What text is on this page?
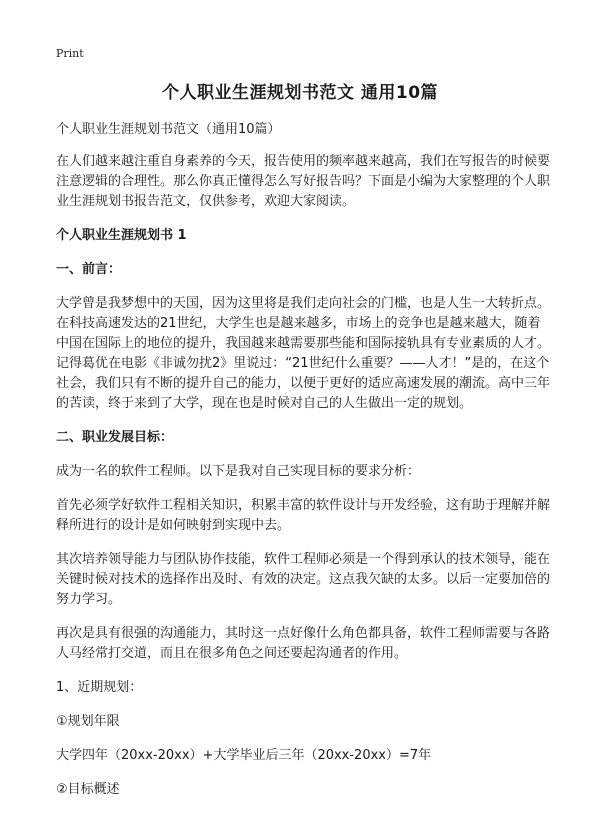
Print
个人职业生涯规划书范文 通用10篇

个人职业生涯规划书范文（通用10篇）

在人们越来越注重自身素养的今天，报告使用的频率越来越高，我们在写报告的时候要注意逻辑的合理性。那么你真正懂得怎么写好报告吗？下面是小编为大家整理的个人职业生涯规划书报告范文，仅供参考，欢迎大家阅读。

个人职业生涯规划书 1

一、前言：

大学曾是我梦想中的天国，因为这里将是我们走向社会的门槛，也是人生一大转折点。在科技高速发达的21世纪，大学生也是越来越多，市场上的竞争也是越来越大，随着中国在国际上的地位的提升，我国越来越需要那些能和国际接轨具有专业素质的人才。记得葛优在电影《非诚勿扰2》里说过：“21世纪什么重要？——人才！”是的，在这个社会，我们只有不断的提升自己的能力，以便于更好的适应高速发展的潮流。高中三年的苦读，终于来到了大学，现在也是时候对自己的人生做出一定的规划。

二、职业发展目标：

成为一名的软件工程师。以下是我对自己实现目标的要求分析：

首先必须学好软件工程相关知识，积累丰富的软件设计与开发经验，这有助于理解并解释所进行的设计是如何映射到实现中去。

其次培养领导能力与团队协作技能，软件工程师必须是一个得到承认的技术领导，能在关键时候对技术的选择作出及时、有效的决定。这点我欠缺的太多。以后一定要加倍的努力学习。

再次是具有很强的沟通能力，其时这一点好像什么角色都具备，软件工程师需要与各路人马经常打交道，而且在很多角色之间还要起沟通者的作用。

1、近期规划：

①规划年限

大学四年（20xx-20xx）+大学毕业后三年（20xx-20xx）=7年

②目标概述
